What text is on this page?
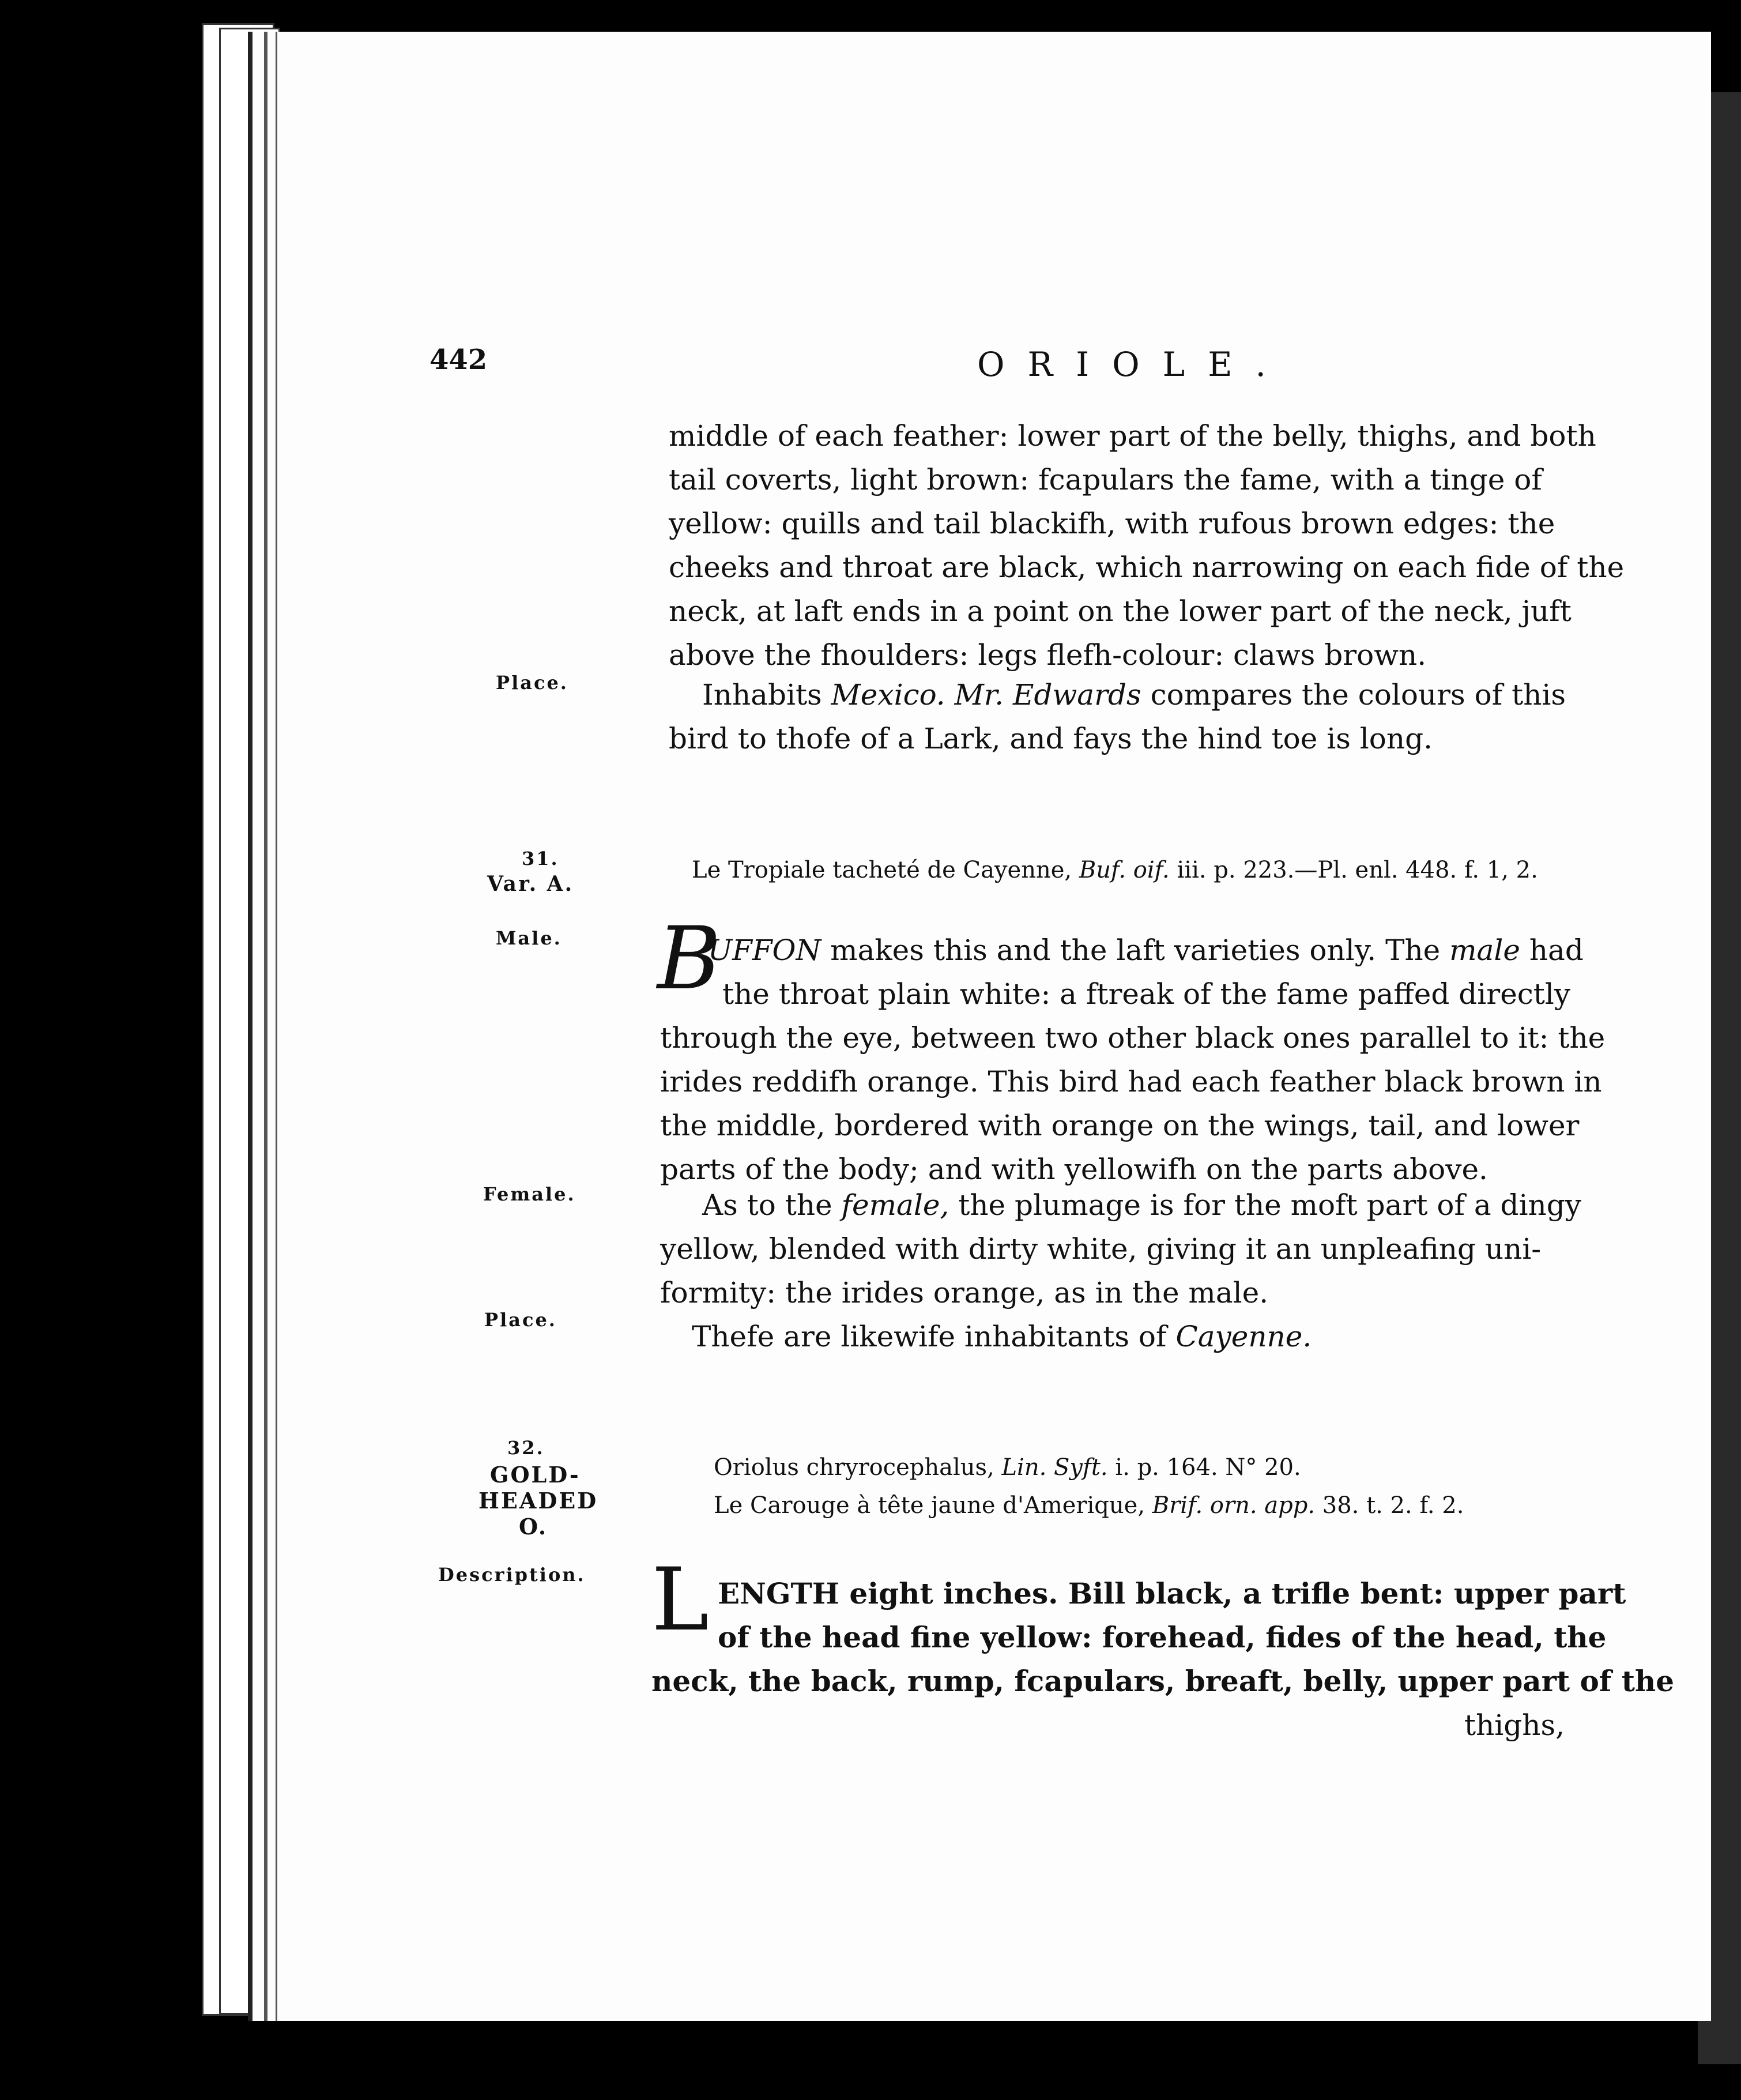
442	ORIOLE.
middle of each feather: lower part of the belly, thighs, and both
tail coverts, light brown: fcapulars the fame, with a tinge of
yellow: quills and tail blackifh, with rufous brown edges: the
cheeks and throat are black, which narrowing on each fide of the
neck, at laft ends in a point on the lower part of the neck, juft
above the fhoulders: legs flefh-colour: claws brown.
Place.
31.
Var. A.
Male.
Female.
Place.
32.
GOLD-
HEADED
O.
Description.
Inhabits Mexico. Mr. Edwards compares the colours of this
bird to thofe of a Lark, and fays the hind toe is long.
Le Tropiale tacheté de Cayenne, Buf. oif. iii. p. 223.—Pl. enl. 448. f. 1, 2.
B
UFFON makes this and the laft varieties only. The male had
the throat plain white: a ftreak of the fame paffed directly
through the eye, between two other black ones parallel to it: the
irides reddifh orange. This bird had each feather black brown in
the middle, bordered with orange on the wings, tail, and lower
parts of the body; and with yellowifh on the parts above.
As to the female, the plumage is for the moft part of a dingy
yellow, blended with dirty white, giving it an unpleafing uni-
formity: the irides orange, as in the male.
Thefe are likewife inhabitants of Cayenne.
Oriolus chryrocephalus, Lin. Syft. i. p. 164. N° 20.
Le Carouge à tête jaune d'Amerique, Brif. orn. app. 38. t. 2. f. 2.
L ENGTH eight inches. Bill black, a trifle bent: upper part
of the head fine yellow: forehead, fides of the head, the
neck, the back, rump, fcapulars, breaft, belly, upper part of the
thighs,
